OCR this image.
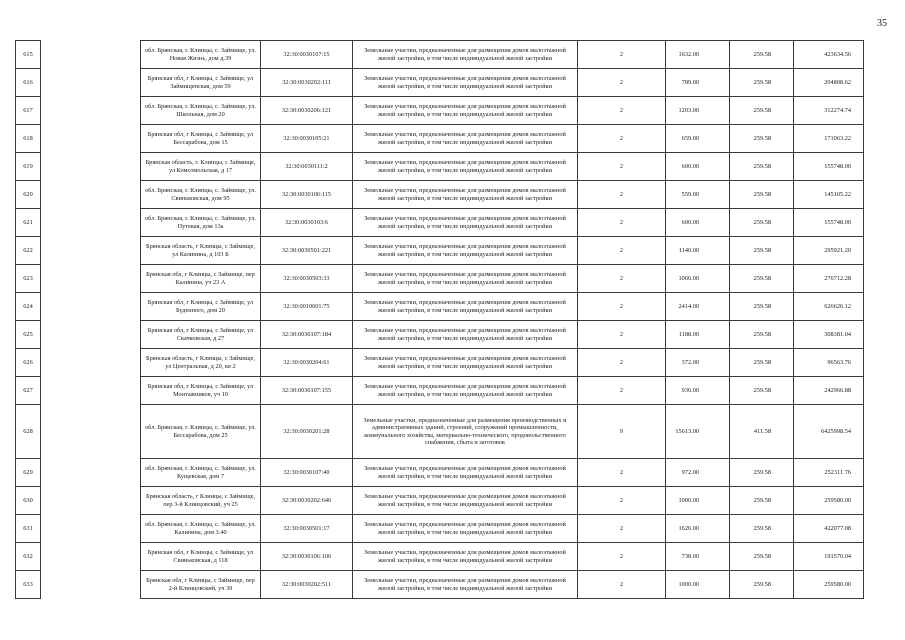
35
615		обл. Брянская, г. Клинцы, с. Займище, ул. Новая Жизнь, дом д.39	32:30:0030107:15	Земельные участки, предназначенные для размещения домов малоэтажной жилой застройки, в том числе индивидуальной жилой застройки	2	1632.00	259.58	423634.56
616		Брянская обл, г Клинцы, с Займище, ул Займищенская, дом 59	32:30:0030202:111	Земельные участки, предназначенные для размещения домов малоэтажной жилой застройки, в том числе индивидуальной жилой застройки	2	789.00	259.58	204808.62
617		обл. Брянская, г. Клинцы, с. Займище, ул. Школьная, дом 20	32:30:0030206:121	Земельные участки, предназначенные для размещения домов малоэтажной жилой застройки, в том числе индивидуальной жилой застройки	2	1203.00	259.58	312274.74
618		Брянская обл, г Клинцы, с Займище, ул Бессарабова, дом 15	32:30:0030105:21	Земельные участки, предназначенные для размещения домов малоэтажной жилой застройки, в том числе индивидуальной жилой застройки	2	659.00	259.58	171063.22
619		Брянская область, г. Клинцы, с Займище, ул Комсомольская, д 17	32:30:0030111:2	Земельные участки, предназначенные для размещения домов малоэтажной жилой застройки, в том числе индивидуальной жилой застройки	2	600.00	259.58	155748.00
620		обл. Брянская, г. Клинцы, с. Займище, ул. Свиньковская, дом 95	32:30:0030106:115	Земельные участки, предназначенные для размещения домов малоэтажной жилой застройки, в том числе индивидуальной жилой застройки	2	559.00	259.58	145105.22
621		обл. Брянская, г. Клинцы, с. Займище, ул. Путевая, дом 13а	32:30:0030103:6	Земельные участки, предназначенные для размещения домов малоэтажной жилой застройки, в том числе индивидуальной жилой застройки	2	600.00	259.58	155748.00
622		Брянская область, г Клинцы, с Займище, ул Калинина, д 103 Б	32:30:0030501:221	Земельные участки, предназначенные для размещения домов малоэтажной жилой застройки, в том числе индивидуальной жилой застройки	2	1140.00	259.58	295921.20
623		Брянская обл, г Клинцы, с Займище, пер Калинина, уч 23 А	32:30:0030503:33	Земельные участки, предназначенные для размещения домов малоэтажной жилой застройки, в том числе индивидуальной жилой застройки	2	1066.00	259.58	276712.28
624		Брянская обл, г Клинцы, с Займище, ул Буденного, дом 20	32:30:0010601:75	Земельные участки, предназначенные для размещения домов малоэтажной жилой застройки, в том числе индивидуальной жилой застройки	2	2414.00	259.58	626626.12
625		Брянская обл, г Клинцы, с Займище, ул Скачковская, д 27	32:30:0030107:184	Земельные участки, предназначенные для размещения домов малоэтажной жилой застройки, в том числе индивидуальной жилой застройки	2	1188.00	259.58	308381.04
626		Брянская область, г Клинцы, с Займище, ул Центральная, д 20, кв 2	32:30:0030204:61	Земельные участки, предназначенные для размещения домов малоэтажной жилой застройки, в том числе индивидуальной жилой застройки	2	372.00	259.58	96563.76
627		Брянская обл, г Клинцы, с Займище, ул Монтажников, уч 10	32:30:0030107:155	Земельные участки, предназначенные для размещения домов малоэтажной жилой застройки, в том числе индивидуальной жилой застройки	2	936.00	259.58	242966.88
628		обл. Брянская, г. Клинцы, с. Займище, ул. Бессарабова, дом 25	32:30:0030201:28	Земельные участки, предназначенные для размещения производственных и административных зданий, строений, сооружений промышленности, коммунального хозяйства, материально-технического, продовольственного снабжения, сбыта и заготовок	9	15613.00	411.58	6425998.54
629		обл. Брянская, г. Клинцы, с. Займище, ул. Кущевская, дом 7	32:30:0030107:40	Земельные участки, предназначенные для размещения домов малоэтажной жилой застройки, в том числе индивидуальной жилой застройки	2	972.00	259.58	252311.76
630		Брянская область, г Клинцы, с Займище, пер 3-й Клинцовский, уч 25	32:30:0030202:646	Земельные участки, предназначенные для размещения домов малоэтажной жилой застройки, в том числе индивидуальной жилой застройки	2	1000.00	259.58	259580.00
631		обл. Брянская, г. Клинцы, с. Займище, ул. Калинина, дом 3.40	32:30:0030501:17	Земельные участки, предназначенные для размещения домов малоэтажной жилой застройки, в том числе индивидуальной жилой застройки	2	1626.00	259.58	422077.08
632		Брянская обл, г Клинцы, с Займище, ул Свиньковская, д 118	32:30:0030106:106	Земельные участки, предназначенные для размещения домов малоэтажной жилой застройки, в том числе индивидуальной жилой застройки	2	738.00	259.58	191570.04
633		Брянская обл, г Клинцы, с Займище, пер 2-й Клинцовский, уч 39	32:30:0030202:511	Земельные участки, предназначенные для размещения домов малоэтажной жилой застройки, в том числе индивидуальной жилой застройки	2	1000.00	259.58	259580.00
